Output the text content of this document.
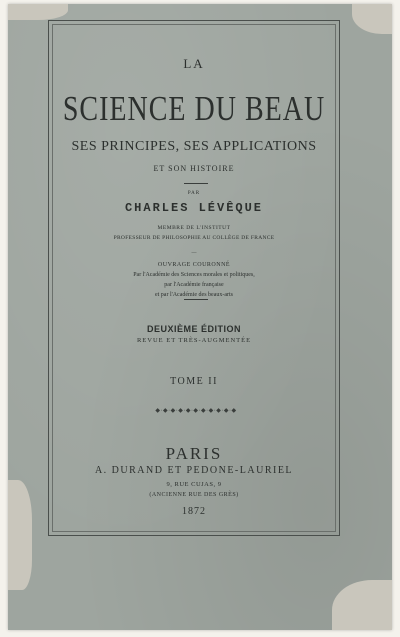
LA
SCIENCE DU BEAU
SES PRINCIPES, SES APPLICATIONS
ET SON HISTOIRE
PAR
CHARLES LÉVÊQUE
MEMBRE DE L'INSTITUT
PROFESSEUR DE PHILOSOPHIE AU COLLÈGE DE FRANCE
—
OUVRAGE COURONNÉ
Par l'Académie des Sciences morales et politiques,
par l'Académie française
et par l'Académie des beaux-arts
DEUXIÈME ÉDITION
REVUE ET TRÈS-AUGMENTÉE
TOME II
◆·◆·◆·◆·◆·◆·◆·◆·◆·◆·◆
PARIS
A. DURAND ET PEDONE-LAURIEL
9, RUE CUJAS, 9
(ANCIENNE RUE DES GRÈS)
1872
